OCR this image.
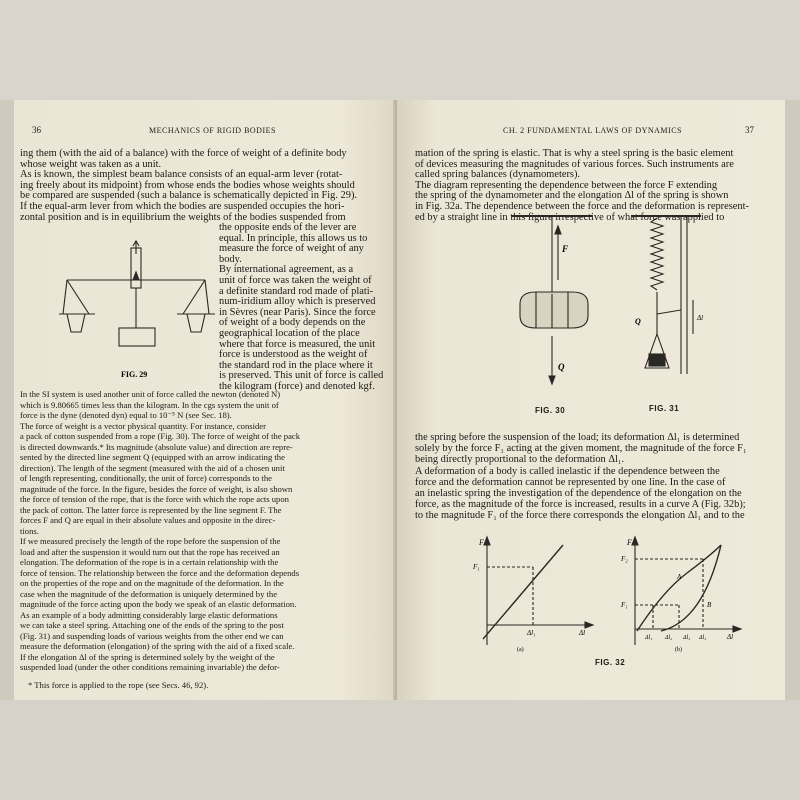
36	MECHANICS OF RIGID BODIES
ing them (with the aid of a balance) with the force of weight of a definite body
whose weight was taken as a unit.
As is known, the simplest beam balance consists of an equal-arm lever (rotat-
ing freely about its midpoint) from whose ends the bodies whose weights should
be compared are suspended (such a balance is schematically depicted in Fig. 29).
If the equal-arm lever from which the bodies are suspended occupies the hori-
zontal position and is in equilibrium the weights of the bodies suspended from
the opposite ends of the lever are
equal. In principle, this allows us to
measure the force of weight of any
body.
By international agreement, as a
unit of force was taken the weight of
a definite standard rod made of plati-
num-iridium alloy which is preserved
in Sèvres (near Paris). Since the force
of weight of a body depends on the
geographical location of the place
where that force is measured, the unit
force is understood as the weight of
the standard rod in the place where it
is preserved. This unit of force is called
the kilogram (force) and denoted kgf.
In the SI system is used another unit of force called the newton (denoted N)
which is 9.80665 times less than the kilogram. In the cgs system the unit of
force is the dyne (denoted dyn) equal to 10⁻⁵ N (see Sec. 18).
The force of weight is a vector physical quantity. For instance, consider
a pack of cotton suspended from a rope (Fig. 30). The force of weight of the pack
is directed downwards.* Its magnitude (absolute value) and direction are repre-
sented by the directed line segment Q (equipped with an arrow indicating the
direction). The length of the segment (measured with the aid of a chosen unit
of length representing, conditionally, the unit of force) corresponds to the
magnitude of the force. In the figure, besides the force of weight, is also shown
the force of tension of the rope, that is the force with which the rope acts upon
the pack of cotton. The latter force is represented by the line segment F. The
forces F and Q are equal in their absolute values and opposite in the direc-
tions.
If we measured precisely the length of the rope before the suspension of the
load and after the suspension it would turn out that the rope has received an
elongation. The deformation of the rope is in a certain relationship with the
force of tension. The relationship between the force and the deformation depends
on the properties of the rope and on the magnitude of the deformation. In the
case when the magnitude of the deformation is uniquely determined by the
magnitude of the force acting upon the body we speak of an elastic deformation.
As an example of a body admitting considerably large elastic deformations
we can take a steel spring. Attaching one of the ends of the spring to the post
(Fig. 31) and suspending loads of various weights from the other end we can
measure the deformation (elongation) of the spring with the aid of a fixed scale.
If the elongation Δl of the spring is determined solely by the weight of the
suspended load (under the other conditions remaining invariable) the defor-
FIG. 29
* This force is applied to the rope (see Secs. 46, 92).
CH. 2 FUNDAMENTAL LAWS OF DYNAMICS	37
mation of the spring is elastic. That is why a steel spring is the basic element
of devices measuring the magnitudes of various forces. Such instruments are
called spring balances (dynamometers).
The diagram representing the dependence between the force F extending
the spring of the dynamometer and the elongation Δl of the spring is shown
in Fig. 32a. The dependence between the force and the deformation is represent-
ed by a straight line in this figure irrespective of what force was applied to
the spring before the suspension of the load; its deformation Δl₁ is determined
solely by the force F₁ acting at the given moment, the magnitude of the force F₁
being directly proportional to the deformation Δl₁.
A deformation of a body is called inelastic if the dependence between the
force and the deformation cannot be represented by one line. In the case of
an inelastic spring the investigation of the dependence of the elongation on the
force, as the magnitude of the force is increased, results in a curve A (Fig. 32b);
to the magnitude F₁ of the force there corresponds the elongation Δl₁ and to the
F
Q
FIG. 30
Q	Δl
FIG. 31
F
F₁
Δl₁	Δl
(a)
F
F₂
F₁
A
B
Δl₁ Δl₂ Δl₃ Δl₃	Δl
(b)
FIG. 32
